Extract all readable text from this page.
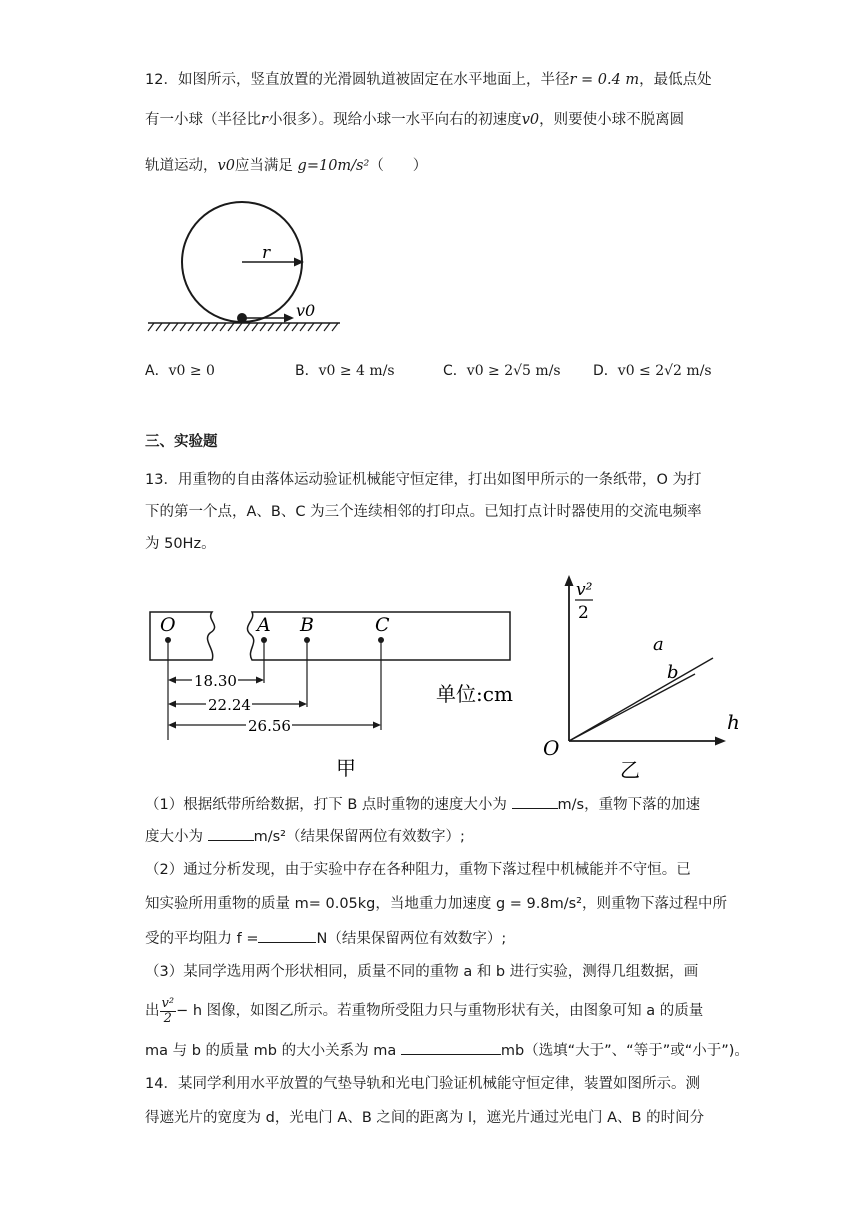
12．如图所示，竖直放置的光滑圆轨道被固定在水平地面上，半径r = 0.4 m，最低点处
有一小球（半径比r小很多）。现给小球一水平向右的初速度v0，则要使小球不脱离圆
轨道运动，v0应当满足 g=10m/s²（　　）
r
v0
A．v0 ≥ 0	B．v0 ≥ 4 m/s	C．v0 ≥ 2√5 m/s D．v0 ≤ 2√2 m/s
三、实验题
13．用重物的自由落体运动验证机械能守恒定律，打出如图甲所示的一条纸带，O 为打
下的第一个点，A、B、C 为三个连续相邻的打印点。已知打点计时器使用的交流电频率
为 50Hz。
O	A B	C
18.30
22.24
26.56
单位:cm
甲
v²
2
h
O
a
b
乙
（1）根据纸带所给数据，打下 B 点时重物的速度大小为	m/s，重物下落的加速
度大小为	m/s²（结果保留两位有效数字）;
（2）通过分析发现，由于实验中存在各种阻力，重物下落过程中机械能并不守恒。已
知实验所用重物的质量 m= 0.05kg，当地重力加速度 g = 9.8m/s²，则重物下落过程中所
受的平均阻力 f =	N（结果保留两位有效数字）;
（3）某同学选用两个形状相同，质量不同的重物 a 和 b 进行实验，测得几组数据，画
出 $\frac{\text{v²}}{2} - h$ 图像，如图乙所示。若重物所受阻力只与重物形状有关，由图象可知 a 的质量
ma 与 b 的质量 mb 的大小关系为 ma	mb（选填“大于”、“等于”或“小于”)。
14．某同学利用水平放置的气垫导轨和光电门验证机械能守恒定律，装置如图所示。测
得遮光片的宽度为 d，光电门 A、B 之间的距离为 l，遮光片通过光电门 A、B 的时间分
